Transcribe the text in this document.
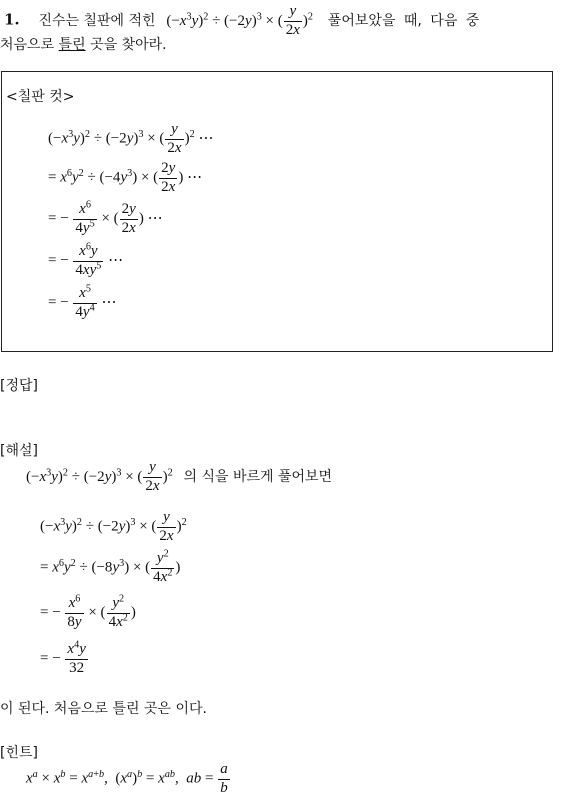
1. 진수는 칠판에 적힌 $(-x^3y)^2 \div (-2y)^3$ × ( $\frac{y}{2x} )^2$ 풀어보았을 때, 다음 중
처음으로 틀린 곳을 찾아라.
<칠판 컷>
$(-x^3y)^2 \div (-2y)^3$ × ( $\frac{y}{2x} )^2$ ⋯
= $x^6y^2 \div (-4y^3)$ × ( $\frac{2y}{2x}$ ) ⋯
= − $\frac{x^6}{4y^5}$ × ( $\frac{2y}{2x}$ ) ⋯
= − $\frac{x^6y}{4xy^5}$ ⋯
= − $\frac{x^5}{4y^4}$ ⋯
[정답]
[해설]
$(-x^3y)^2 \div (-2y)^3$ × ( $\frac{y}{2x} )^2$ 의 식을 바르게 풀어보면
$(-x^3y)^2 \div (-2y)^3$ × ( $\frac{y}{2x} )^2$
= $x^6y^2 \div (-8y^3)$ × ( $\frac{y^2}{4x^2}$ )
= − $\frac{x^6}{8y}$ × ( $\frac{y^2}{4x^2}$ )
= − $\frac{x^4y}{32}$
이 된다. 처음으로 틀린 곳은 이다.
[힌트]
$x^a \times x^b = x^{a+b}$,  $(x^a)^b = x^{ab}$,  ab = $\frac{a}{b}$
